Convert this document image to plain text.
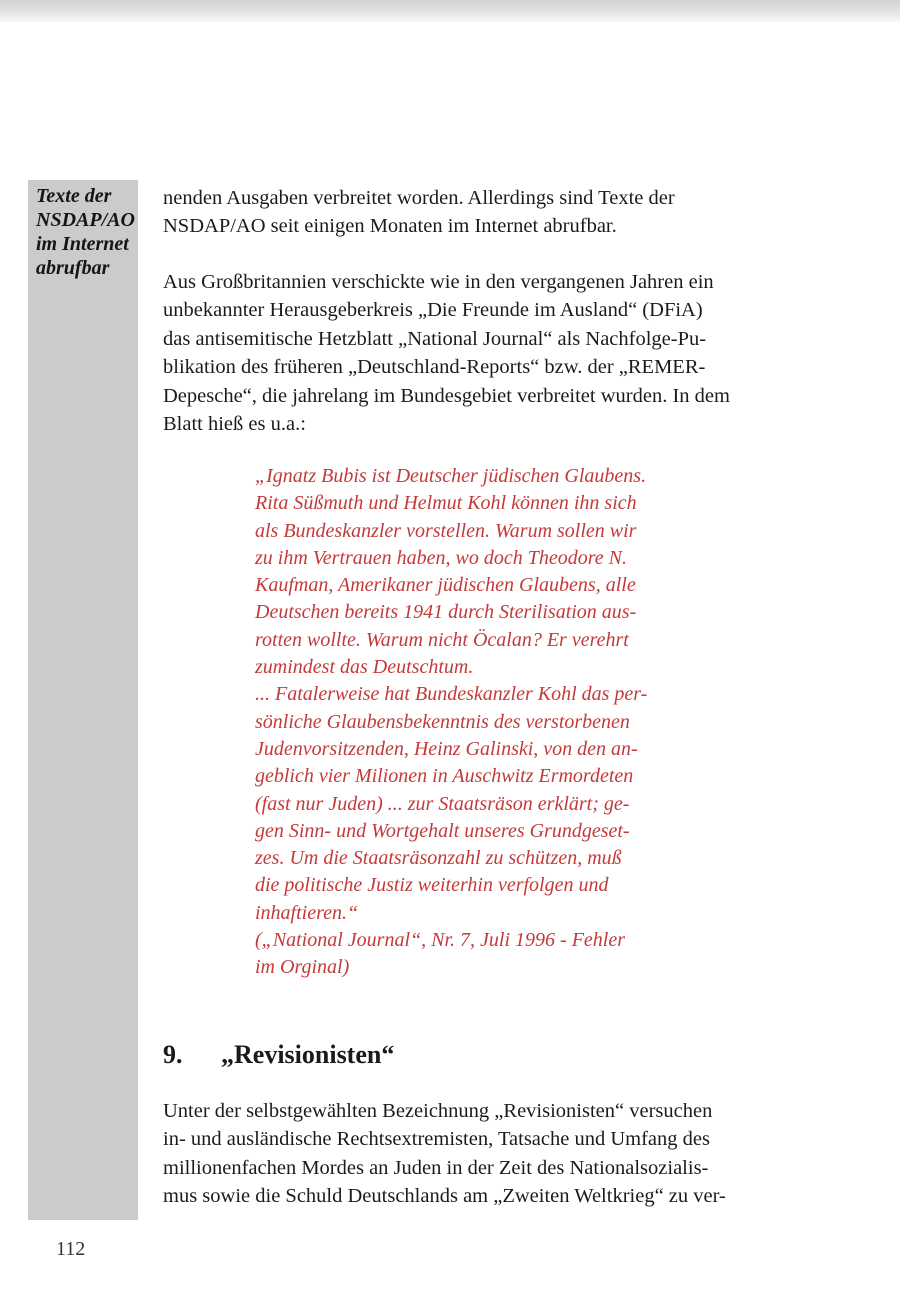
Texte der
NSDAP/AO
im Internet
abrufbar

nenden Ausgaben verbreitet worden. Allerdings sind Texte der
NSDAP/AO seit einigen Monaten im Internet abrufbar.

Aus Großbritannien verschickte wie in den vergangenen Jahren ein
unbekannter Herausgeberkreis „Die Freunde im Ausland“ (DFiA)
das antisemitische Hetzblatt „National Journal“ als Nachfolge-Pu-
blikation des früheren „Deutschland-Reports“ bzw. der „REMER-
Depesche“, die jahrelang im Bundesgebiet verbreitet wurden. In dem
Blatt hieß es u.a.:

„Ignatz Bubis ist Deutscher jüdischen Glaubens.
Rita Süßmuth und Helmut Kohl können ihn sich
als Bundeskanzler vorstellen. Warum sollen wir
zu ihm Vertrauen haben, wo doch Theodore N.
Kaufman, Amerikaner jüdischen Glaubens, alle
Deutschen bereits 1941 durch Sterilisation aus-
rotten wollte. Warum nicht Öcalan? Er verehrt
zumindest das Deutschtum.
... Fatalerweise hat Bundeskanzler Kohl das per-
sönliche Glaubensbekenntnis des verstorbenen
Judenvorsitzenden, Heinz Galinski, von den an-
geblich vier Milionen in Auschwitz Ermordeten
(fast nur Juden) ... zur Staatsräson erklärt; ge-
gen Sinn- und Wortgehalt unseres Grundgeset-
zes. Um die Staatsräsonzahl zu schützen, muß
die politische Justiz weiterhin verfolgen und
inhaftieren.“
(„National Journal“, Nr. 7, Juli 1996 - Fehler
im Orginal)

9. „Revisionisten“

Unter der selbstgewählten Bezeichnung „Revisionisten“ versuchen
in- und ausländische Rechtsextremisten, Tatsache und Umfang des
millionenfachen Mordes an Juden in der Zeit des Nationalsozialis-
mus sowie die Schuld Deutschlands am „Zweiten Weltkrieg“ zu ver-

112
